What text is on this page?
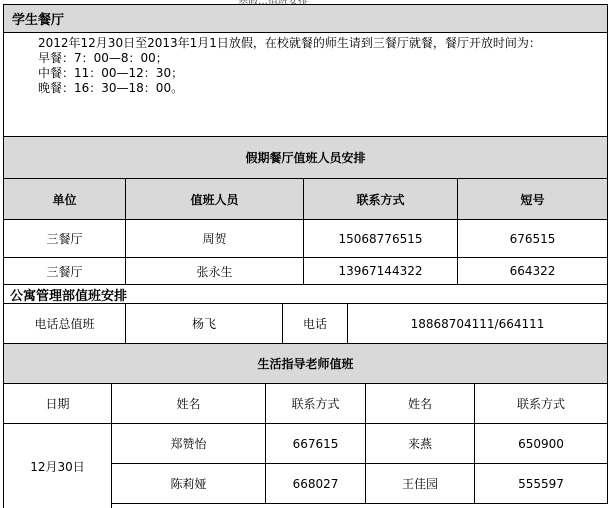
学生餐厅
2012年12月30日至2013年1月1日放假，在校就餐的师生请到三餐厅就餐，餐厅开放时间为：
早餐：7：00—8：00；
中餐：11：00—12：30；
晚餐：16：30—18：00。
假期餐厅值班人员安排
单位	值班人员	联系方式	短号
三餐厅	周贺	15068776515	676515
三餐厅	张永生	13967144322	664322
公寓管理部值班安排
电话总值班	杨飞	电话	18868704111/664111
生活指导老师值班
日期	姓名	联系方式	姓名	联系方式
12月30日
郑赞怡	667615	来燕	650900
陈莉娅	668027	王佳园	555597
